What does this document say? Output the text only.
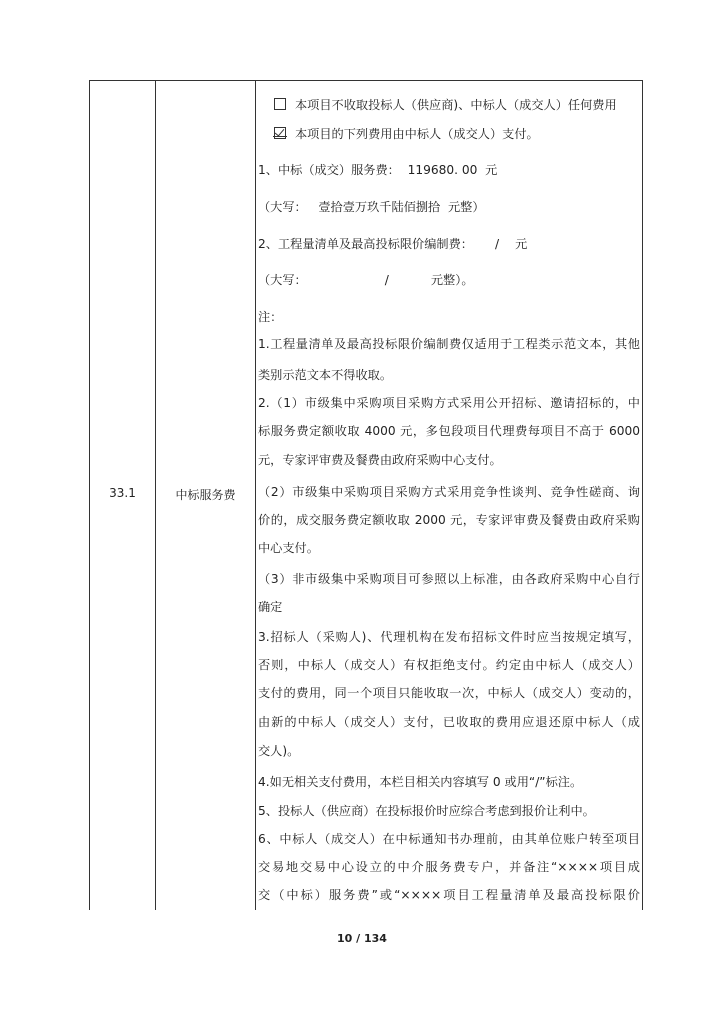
33.1	中标服务费
本项目不收取投标人（供应商)、中标人（成交人）任何费用
本项目的下列费用由中标人（成交人）支付。
1、中标（成交）服务费：  119680. 00  元
（大写：   壹拾壹万玖千陆佰捌拾  元整）
2、工程量清单及最高投标限价编制费： / 元
（大写：	/	元整）。
注：
1.工程量清单及最高投标限价编制费仅适用于工程类示范文本，其他
类别示范文本不得收取。
2.（1）市级集中采购项目采购方式采用公开招标、邀请招标的，中
标服务费定额收取 4000 元，多包段项目代理费每项目不高于 6000
元，专家评审费及餐费由政府采购中心支付。
（2）市级集中采购项目采购方式采用竞争性谈判、竞争性磋商、询
价的，成交服务费定额收取 2000 元，专家评审费及餐费由政府采购
中心支付。
（3）非市级集中采购项目可参照以上标准，由各政府采购中心自行
确定
3.招标人（采购人)、代理机构在发布招标文件时应当按规定填写，
否则，中标人（成交人）有权拒绝支付。约定由中标人（成交人）
支付的费用，同一个项目只能收取一次，中标人（成交人）变动的，
由新的中标人（成交人）支付，已收取的费用应退还原中标人（成
交人)。
4.如无相关支付费用，本栏目相关内容填写 0 或用“/”标注。
5、投标人（供应商）在投标报价时应综合考虑到报价让利中。
6、中标人（成交人）在中标通知书办理前，由其单位账户转至项目
交易地交易中心设立的中介服务费专户，并备注“××××项目成
交（中标）服务费”或“××××项目工程量清单及最高投标限价
10 / 134
